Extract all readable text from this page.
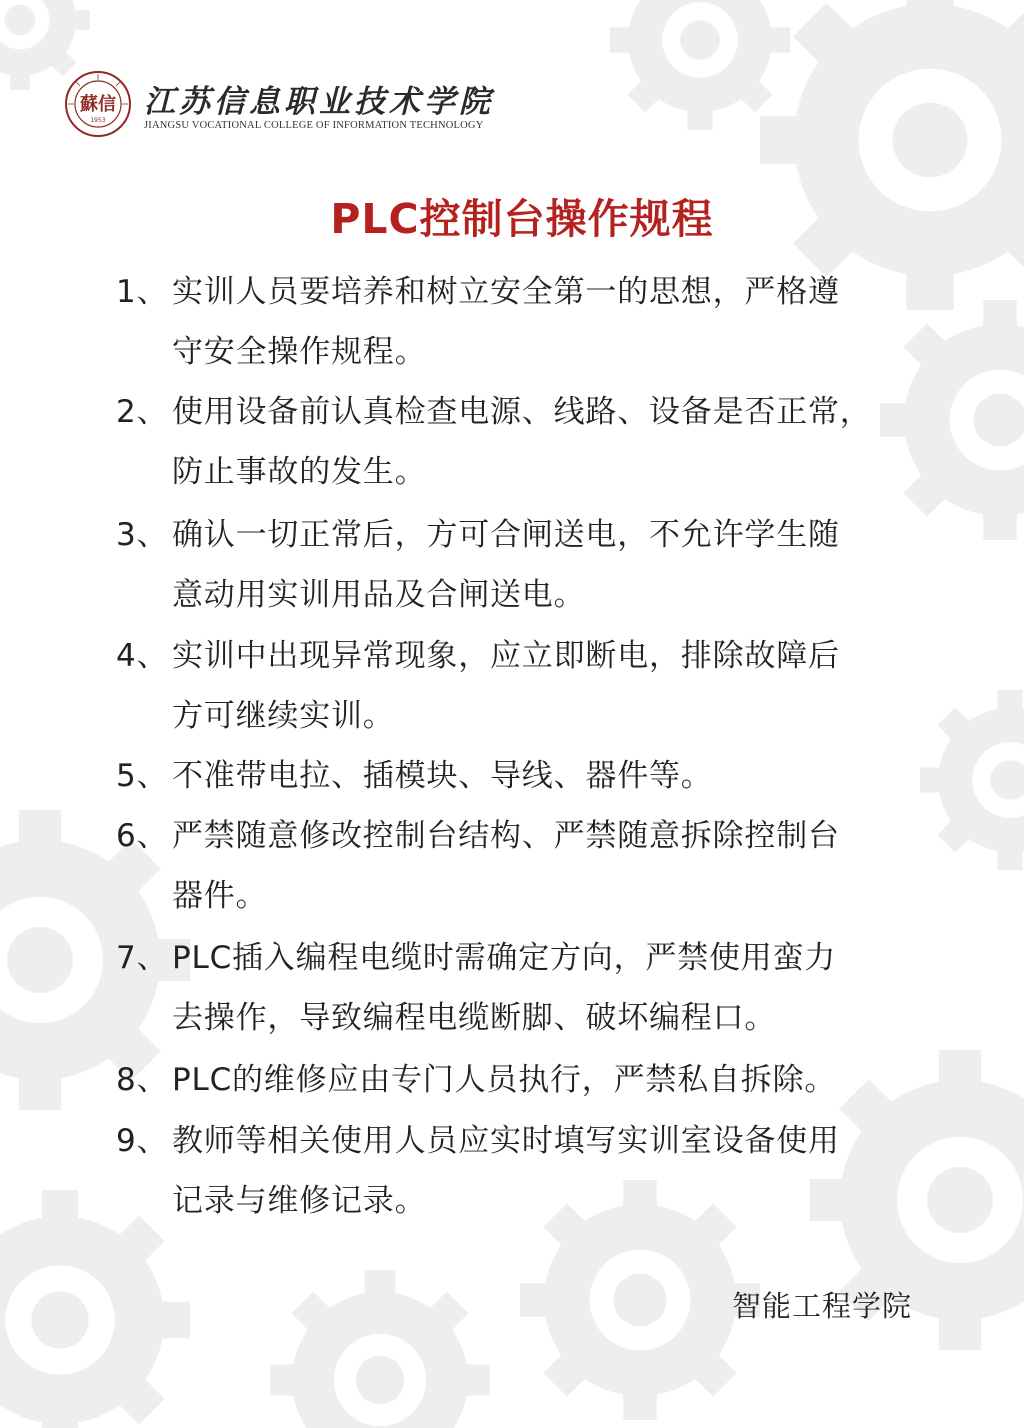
蘇 信
1953
江苏信息职业技术学院
JIANGSU VOCATIONAL COLLEGE OF INFORMATION TECHNOLOGY
PLC控制台操作规程
1、 实训人员要培养和树立安全第一的思想，严格遵
守安全操作规程。
2、 使用设备前认真检查电源、线路、设备是否正常，
防止事故的发生。
3、 确认一切正常后，方可合闸送电，不允许学生随
意动用实训用品及合闸送电。
4、 实训中出现异常现象，应立即断电，排除故障后
方可继续实训。
5、 不准带电拉、插模块、导线、器件等。
6、 严禁随意修改控制台结构、严禁随意拆除控制台
器件。
7、 PLC插入编程电缆时需确定方向，严禁使用蛮力
去操作，导致编程电缆断脚、破坏编程口。
8、 PLC的维修应由专门人员执行，严禁私自拆除。
9、 教师等相关使用人员应实时填写实训室设备使用
记录与维修记录。
智能工程学院
